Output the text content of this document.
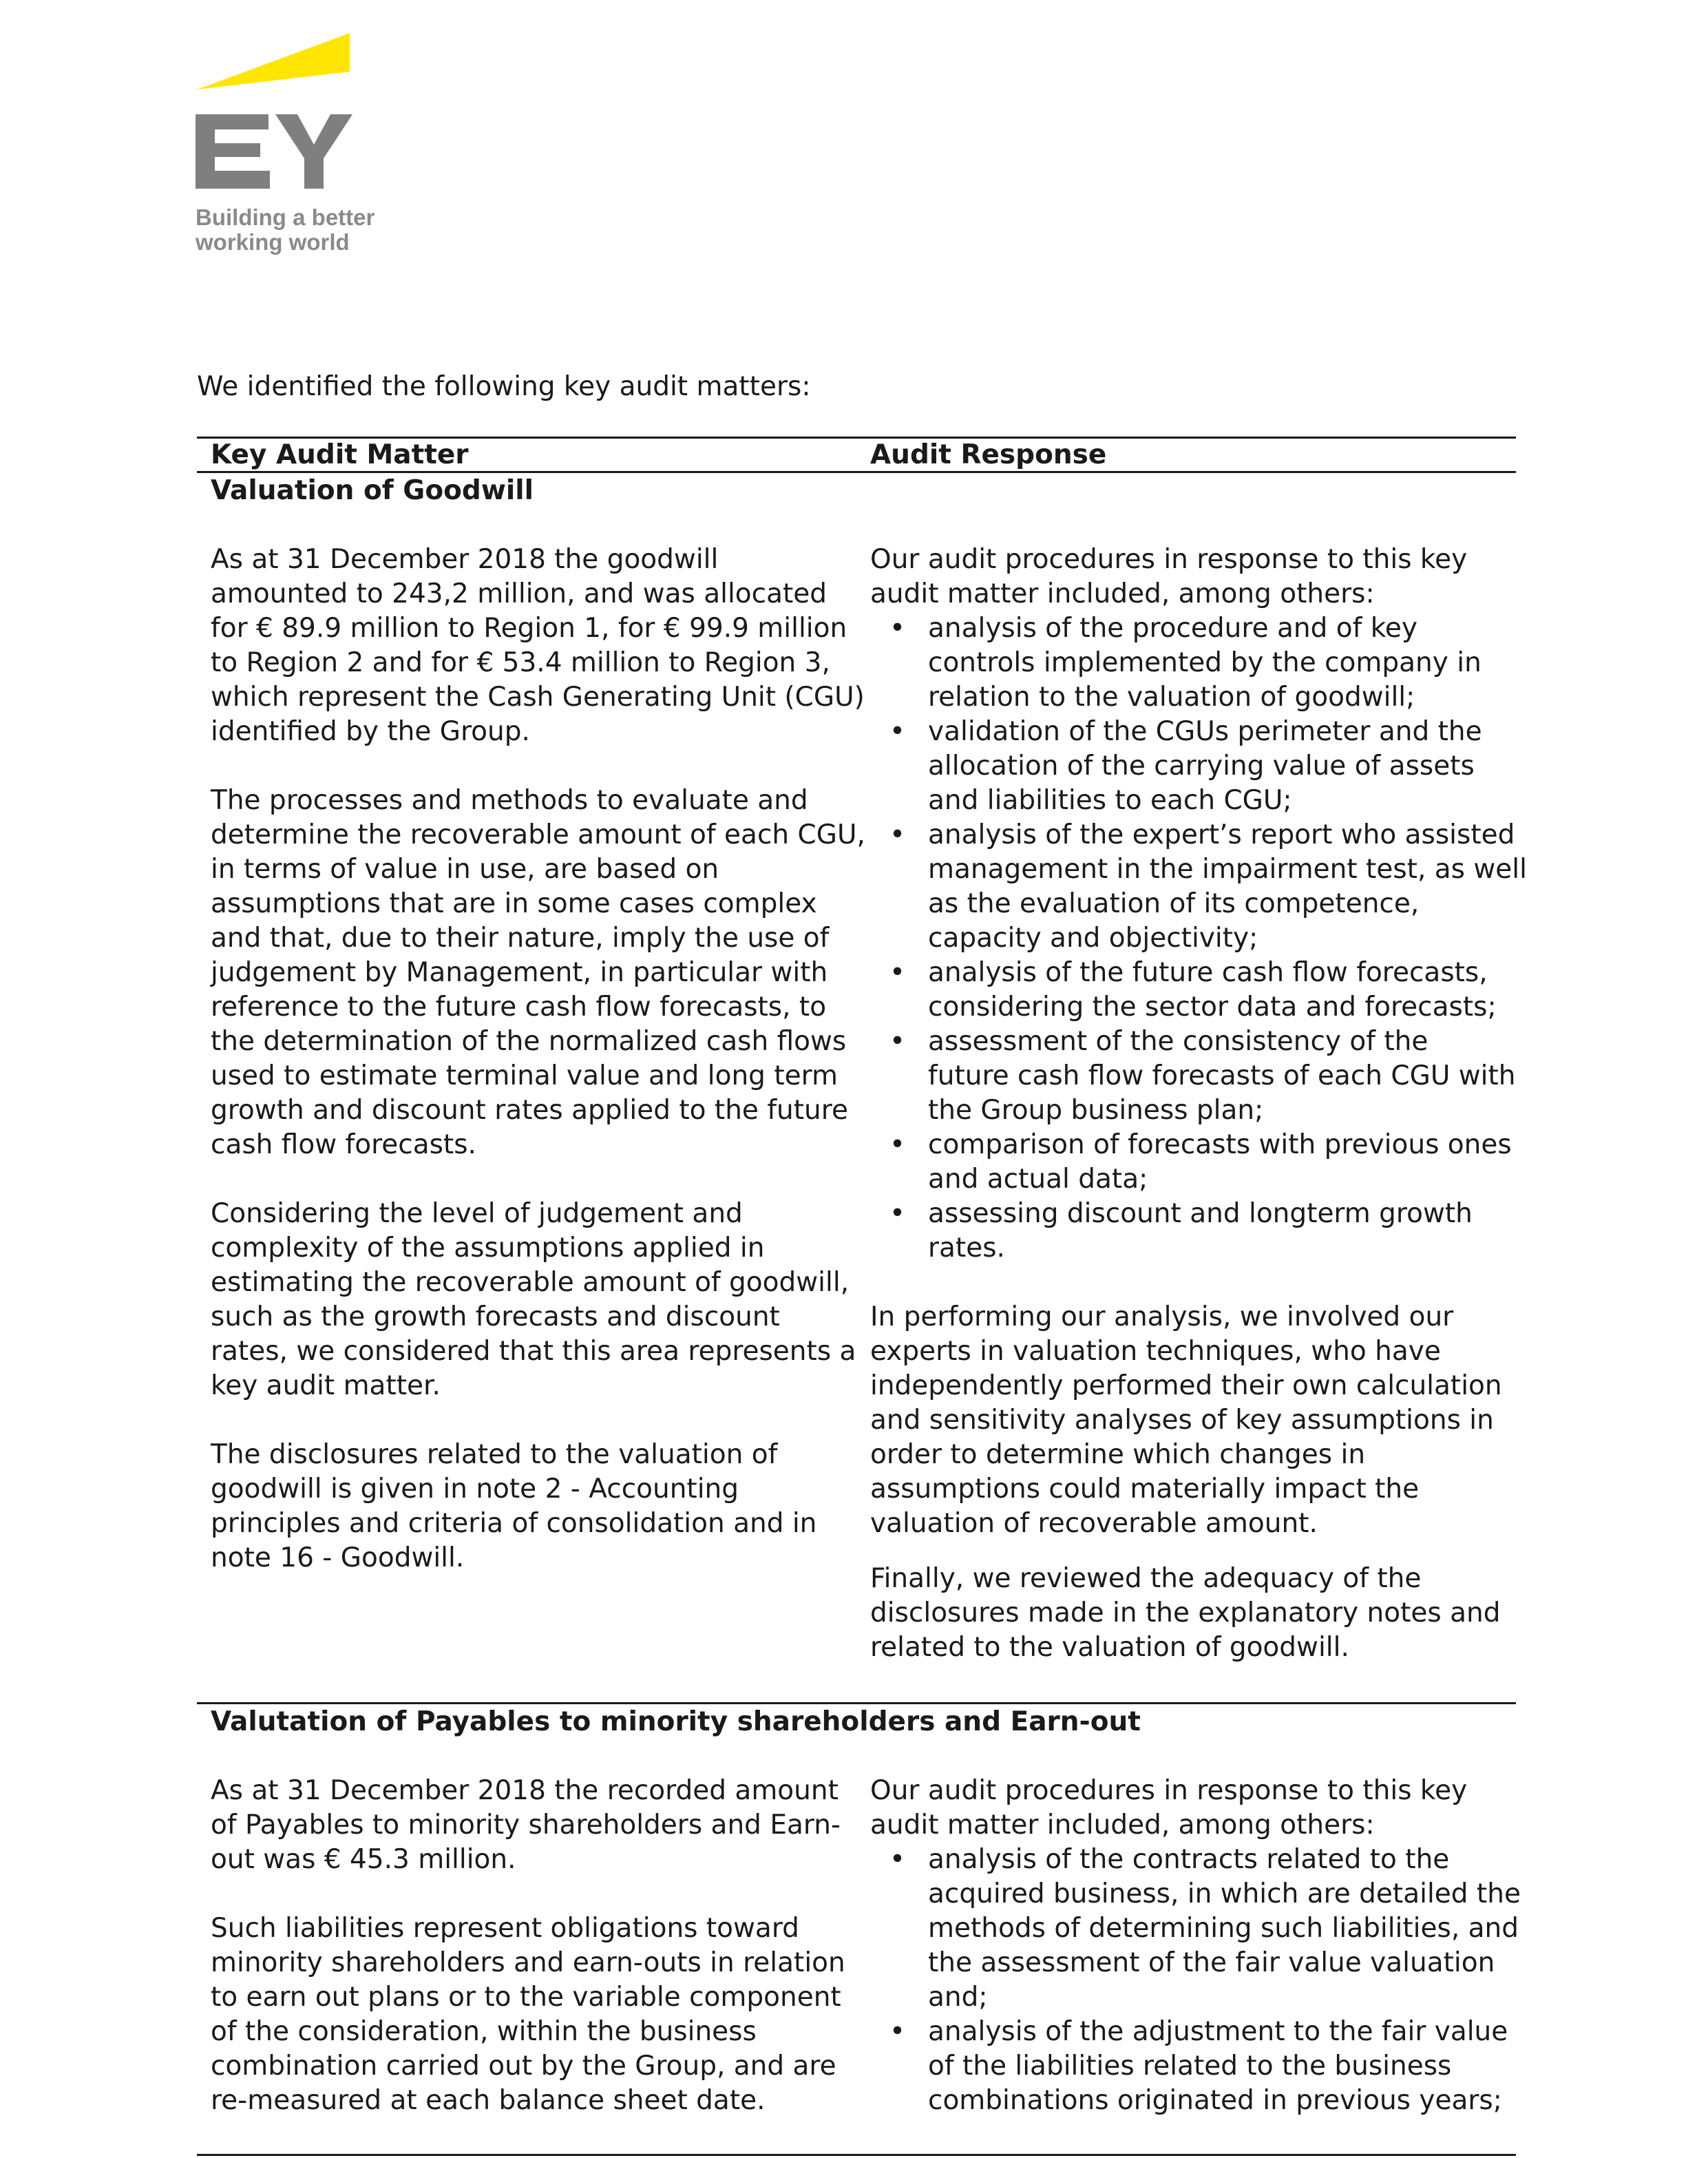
Building a better
working world
We identified the following key audit matters:
Key Audit Matter	Audit Response
Valuation of Goodwill

As at 31 December 2018 the goodwill

amounted to 243,2 million, and was allocated

for € 89.9 million to Region 1, for € 99.9 million

to Region 2 and for € 53.4 million to Region 3,

which represent the Cash Generating Unit (CGU)

identified by the Group.

The processes and methods to evaluate and

determine the recoverable amount of each CGU,

in terms of value in use, are based on

assumptions that are in some cases complex

and that, due to their nature, imply the use of

judgement by Management, in particular with

reference to the future cash flow forecasts, to

the determination of the normalized cash flows

used to estimate terminal value and long term

growth and discount rates applied to the future

cash flow forecasts.

Considering the level of judgement and

complexity of the assumptions applied in

estimating the recoverable amount of goodwill,

such as the growth forecasts and discount

rates, we considered that this area represents a

key audit matter.

The disclosures related to the valuation of

goodwill is given in note 2 - Accounting

principles and criteria of consolidation and in

note 16 - Goodwill.

Our audit procedures in response to this key

audit matter included, among others:

• analysis of the procedure and of key
controls implemented by the company in
relation to the valuation of goodwill;
• validation of the CGUs perimeter and the
allocation of the carrying value of assets
and liabilities to each CGU;
• analysis of the expert’s report who assisted
management in the impairment test, as well
as the evaluation of its competence,
capacity and objectivity;
• analysis of the future cash flow forecasts,
considering the sector data and forecasts;
• assessment of the consistency of the
future cash flow forecasts of each CGU with
the Group business plan;
• comparison of forecasts with previous ones
and actual data;
• assessing discount and longterm growth
rates.

In performing our analysis, we involved our

experts in valuation techniques, who have

independently performed their own calculation

and sensitivity analyses of key assumptions in

order to determine which changes in

assumptions could materially impact the

valuation of recoverable amount.

Finally, we reviewed the adequacy of the

disclosures made in the explanatory notes and

related to the valuation of goodwill.

Valutation of Payables to minority shareholders and Earn-out

As at 31 December 2018 the recorded amount

of Payables to minority shareholders and Earn-

out was € 45.3 million.

Such liabilities represent obligations toward

minority shareholders and earn-outs in relation

to earn out plans or to the variable component

of the consideration, within the business

combination carried out by the Group, and are

re-measured at each balance sheet date.

Our audit procedures in response to this key

audit matter included, among others:

• analysis of the contracts related to the
acquired business, in which are detailed the
methods of determining such liabilities, and
the assessment of the fair value valuation
and;
• analysis of the adjustment to the fair value
of the liabilities related to the business
combinations originated in previous years;
